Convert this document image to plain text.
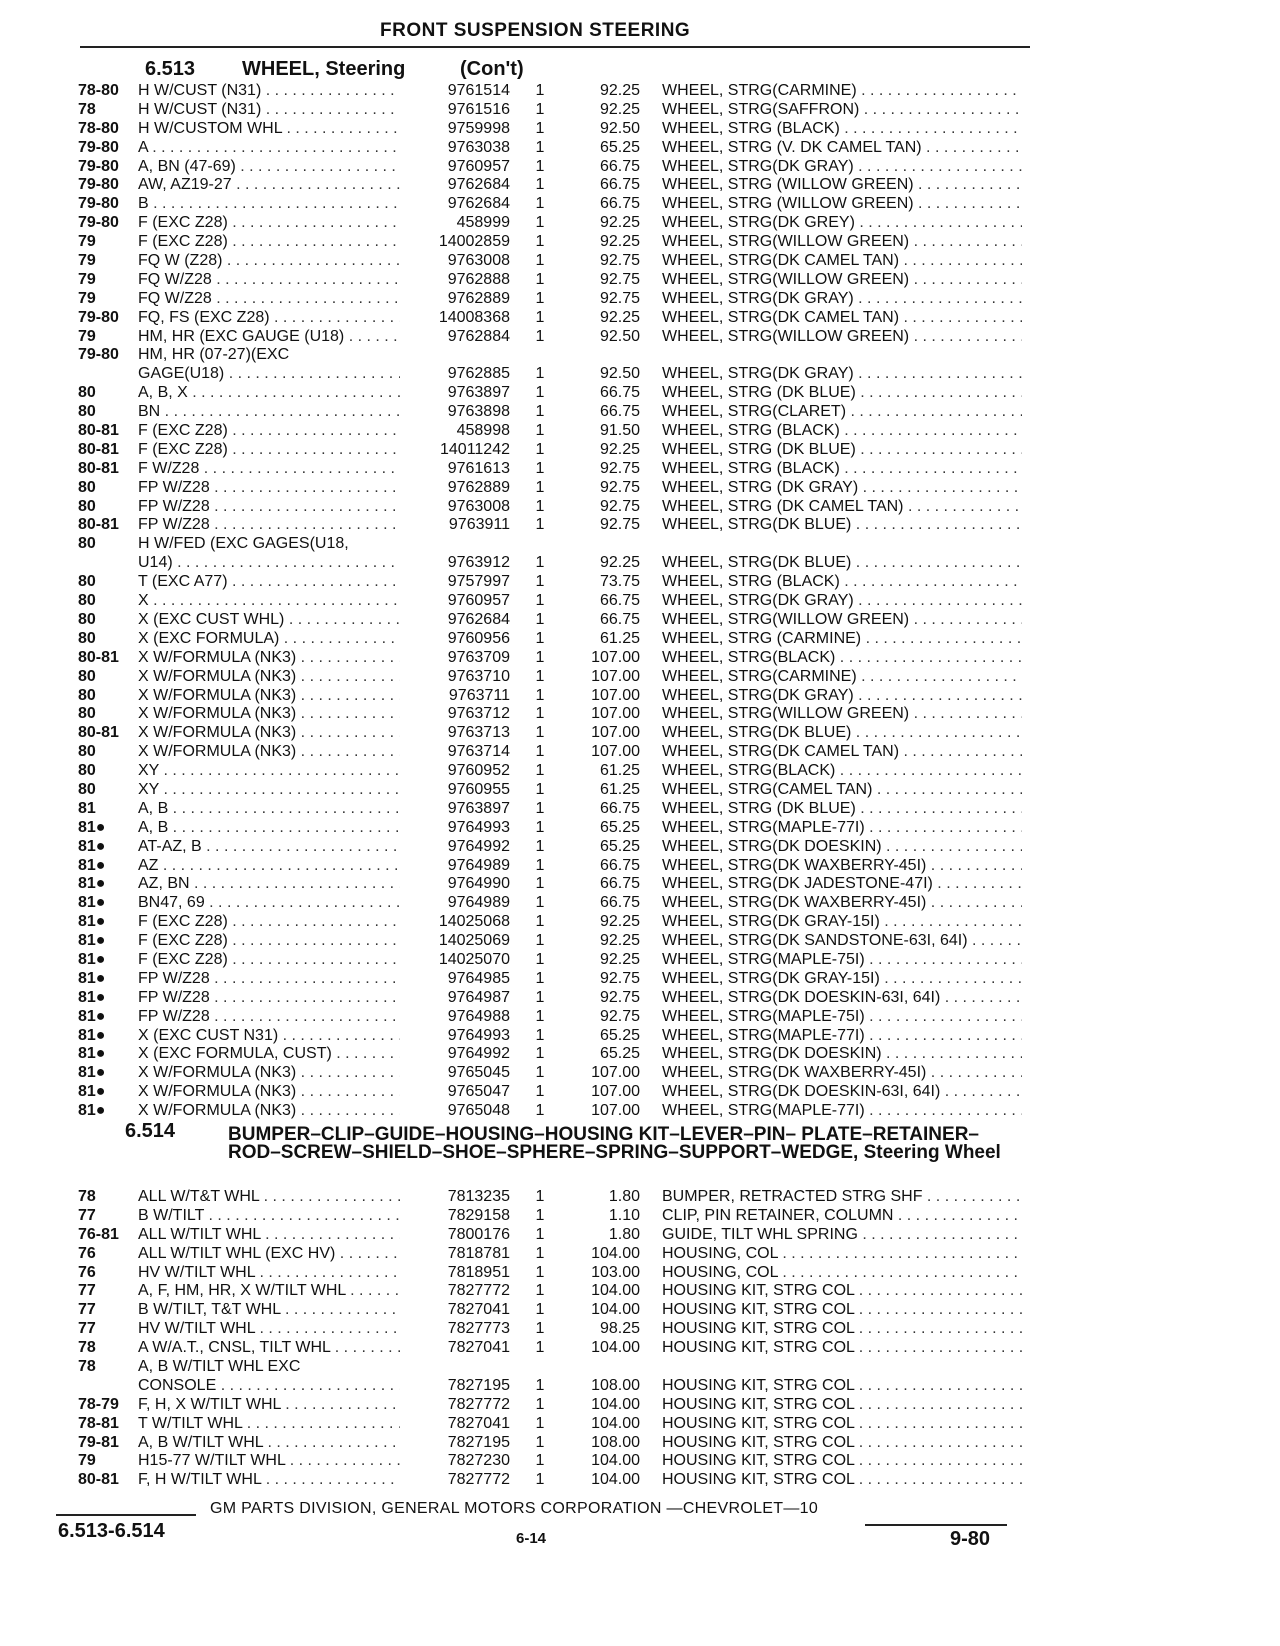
FRONT SUSPENSION STEERING
6.513 WHEEL, Steering	(Con't)
78-80	H W/CUST (N31) . . .	9761514	1	92.25 WHEEL, STRG(CARMINE) . . .
78	H W/CUST (N31) . . .	9761516	1	92.25 WHEEL, STRG(SAFFRON) . . .
78-80	H W/CUSTOM WHL . . .	9759998	1	92.50 WHEEL, STRG (BLACK) . . .
79-80	A . . .	9763038	1	65.25 WHEEL, STRG (V. DK CAMEL TAN) . . .
79-80	A, BN (47-69) . . .	9760957	1	66.75 WHEEL, STRG(DK GRAY) . . .
79-80	AW, AZ19-27 . . .	9762684	1	66.75 WHEEL, STRG (WILLOW GREEN) . . .
79-80	B . . .	9762684	1	66.75 WHEEL, STRG (WILLOW GREEN) . . .
79-80	F (EXC Z28) . . .	458999	1	92.25 WHEEL, STRG(DK GREY) . . .
79	F (EXC Z28) . . .	14002859	1	92.25 WHEEL, STRG(WILLOW GREEN) . . .
79	FQ W (Z28) . . .	9763008	1	92.75 WHEEL, STRG(DK CAMEL TAN) . . .
79	FQ W/Z28 . . .	9762888	1	92.75 WHEEL, STRG(WILLOW GREEN) . . .
79	FQ W/Z28 . . .	9762889	1	92.75 WHEEL, STRG(DK GRAY) . . .
79-80	FQ, FS (EXC Z28) . . .	14008368	1	92.25 WHEEL, STRG(DK CAMEL TAN) . . .
79	HM, HR (EXC GAUGE (U18) . . .	9762884	1	92.50 WHEEL, STRG(WILLOW GREEN) . . .
79-80	HM, HR (07-27)(EXC
GAGE(U18) . . .	9762885	1	92.50 WHEEL, STRG(DK GRAY) . . .
80	A, B, X . . .	9763897	1	66.75 WHEEL, STRG (DK BLUE) . . .
80	BN . . .	9763898	1	66.75 WHEEL, STRG(CLARET) . . .
80-81	F (EXC Z28) . . .	458998	1	91.50 WHEEL, STRG (BLACK) . . .
80-81	F (EXC Z28) . . .	14011242	1	92.25 WHEEL, STRG (DK BLUE) . . .
80-81	F W/Z28 . . .	9761613	1	92.75 WHEEL, STRG (BLACK) . . .
80	FP W/Z28 . . .	9762889	1	92.75 WHEEL, STRG (DK GRAY) . . .
80	FP W/Z28 . . .	9763008	1	92.75 WHEEL, STRG (DK CAMEL TAN) . . .
80-81	FP W/Z28 . . .	9763911	1	92.75 WHEEL, STRG(DK BLUE) . . .
80	H W/FED (EXC GAGES(U18,
U14) . . .	9763912	1	92.25 WHEEL, STRG(DK BLUE) . . .
80	T (EXC A77) . . .	9757997	1	73.75 WHEEL, STRG (BLACK) . . .
80	X . . .	9760957	1	66.75 WHEEL, STRG(DK GRAY) . . .
80	X (EXC CUST WHL) . . .	9762684	1	66.75 WHEEL, STRG(WILLOW GREEN) . . .
80	X (EXC FORMULA) . . .	9760956	1	61.25 WHEEL, STRG (CARMINE) . . .
80-81	X W/FORMULA (NK3) . . .	9763709	1	107.00 WHEEL, STRG(BLACK) . . .
80	X W/FORMULA (NK3) . . .	9763710	1	107.00 WHEEL, STRG(CARMINE) . . .
80	X W/FORMULA (NK3) . . .	9763711	1	107.00 WHEEL, STRG(DK GRAY) . . .
80	X W/FORMULA (NK3) . . .	9763712	1	107.00 WHEEL, STRG(WILLOW GREEN) . . .
80-81	X W/FORMULA (NK3) . . .	9763713	1	107.00 WHEEL, STRG(DK BLUE) . . .
80	X W/FORMULA (NK3) . . .	9763714	1	107.00 WHEEL, STRG(DK CAMEL TAN) . . .
80	XY . . .	9760952	1	61.25 WHEEL, STRG(BLACK) . . .
80	XY . . .	9760955	1	61.25 WHEEL, STRG(CAMEL TAN) . . .
81	A, B . . .	9763897	1	66.75 WHEEL, STRG (DK BLUE) . . .
81●	A, B . . .	9764993	1	65.25 WHEEL, STRG(MAPLE-77I) . . .
81●	AT-AZ, B . . .	9764992	1	65.25 WHEEL, STRG(DK DOESKIN) . . .
81●	AZ . . .	9764989	1	66.75 WHEEL, STRG(DK WAXBERRY-45I) . . .
81●	AZ, BN . . .	9764990	1	66.75 WHEEL, STRG(DK JADESTONE-47I) . . .
81●	BN47, 69 . . .	9764989	1	66.75 WHEEL, STRG(DK WAXBERRY-45I) . . .
81●	F (EXC Z28) . . .	14025068	1	92.25 WHEEL, STRG(DK GRAY-15I) . . .
81●	F (EXC Z28) . . .	14025069	1	92.25 WHEEL, STRG(DK SANDSTONE-63I, 64I) . . .
81●	F (EXC Z28) . . .	14025070	1	92.25 WHEEL, STRG(MAPLE-75I) . . .
81●	FP W/Z28 . . .	9764985	1	92.75 WHEEL, STRG(DK GRAY-15I) . . .
81●	FP W/Z28 . . .	9764987	1	92.75 WHEEL, STRG(DK DOESKIN-63I, 64I) . . .
81●	FP W/Z28 . . .	9764988	1	92.75 WHEEL, STRG(MAPLE-75I) . . .
81●	X (EXC CUST N31) . . .	9764993	1	65.25 WHEEL, STRG(MAPLE-77I) . . .
81●	X (EXC FORMULA, CUST) . . .	9764992	1	65.25 WHEEL, STRG(DK DOESKIN) . . .
81●	X W/FORMULA (NK3) . . .	9765045	1	107.00 WHEEL, STRG(DK WAXBERRY-45I) . . .
81●	X W/FORMULA (NK3) . . .	9765047	1	107.00 WHEEL, STRG(DK DOESKIN-63I, 64I) . . .
81●	X W/FORMULA (NK3) . . .	9765048	1	107.00 WHEEL, STRG(MAPLE-77I) . . .
6.514	BUMPER–CLIP–GUIDE–HOUSING–HOUSING KIT–LEVER–PIN– PLATE–RETAINER–ROD–SCREW–SHIELD–SHOE–SPHERE–SPRING–SUPPORT–WEDGE, Steering Wheel
78	ALL W/T&T WHL . . .	7813235	1	1.80 BUMPER, RETRACTED STRG SHF . . .
77	B W/TILT . . .	7829158	1	1.10 CLIP, PIN RETAINER, COLUMN . . .
76-81	ALL W/TILT WHL . . .	7800176	1	1.80 GUIDE, TILT WHL SPRING . . .
76	ALL W/TILT WHL (EXC HV) . . .	7818781	1	104.00 HOUSING, COL . . .
76	HV W/TILT WHL . . .	7818951	1	103.00 HOUSING, COL . . .
77	A, F, HM, HR, X W/TILT WHL . . .	7827772	1	104.00 HOUSING KIT, STRG COL . . .
77	B W/TILT, T&T WHL . . .	7827041	1	104.00 HOUSING KIT, STRG COL . . .
77	HV W/TILT WHL . . .	7827773	1	98.25 HOUSING KIT, STRG COL . . .
78	A W/A.T., CNSL, TILT WHL . . .	7827041	1	104.00 HOUSING KIT, STRG COL . . .
78	A, B W/TILT WHL EXC
CONSOLE . . .	7827195	1	108.00 HOUSING KIT, STRG COL . . .
78-79	F, H, X W/TILT WHL . . .	7827772	1	104.00 HOUSING KIT, STRG COL . . .
78-81	T W/TILT WHL . . .	7827041	1	104.00 HOUSING KIT, STRG COL . . .
79-81	A, B W/TILT WHL . . .	7827195	1	108.00 HOUSING KIT, STRG COL . . .
79	H15-77 W/TILT WHL . . .	7827230	1	104.00 HOUSING KIT, STRG COL . . .
80-81	F, H W/TILT WHL . . .	7827772	1	104.00 HOUSING KIT, STRG COL . . .
GM PARTS DIVISION, GENERAL MOTORS CORPORATION —CHEVROLET—10
6.513-6.514	6-14	9-80
